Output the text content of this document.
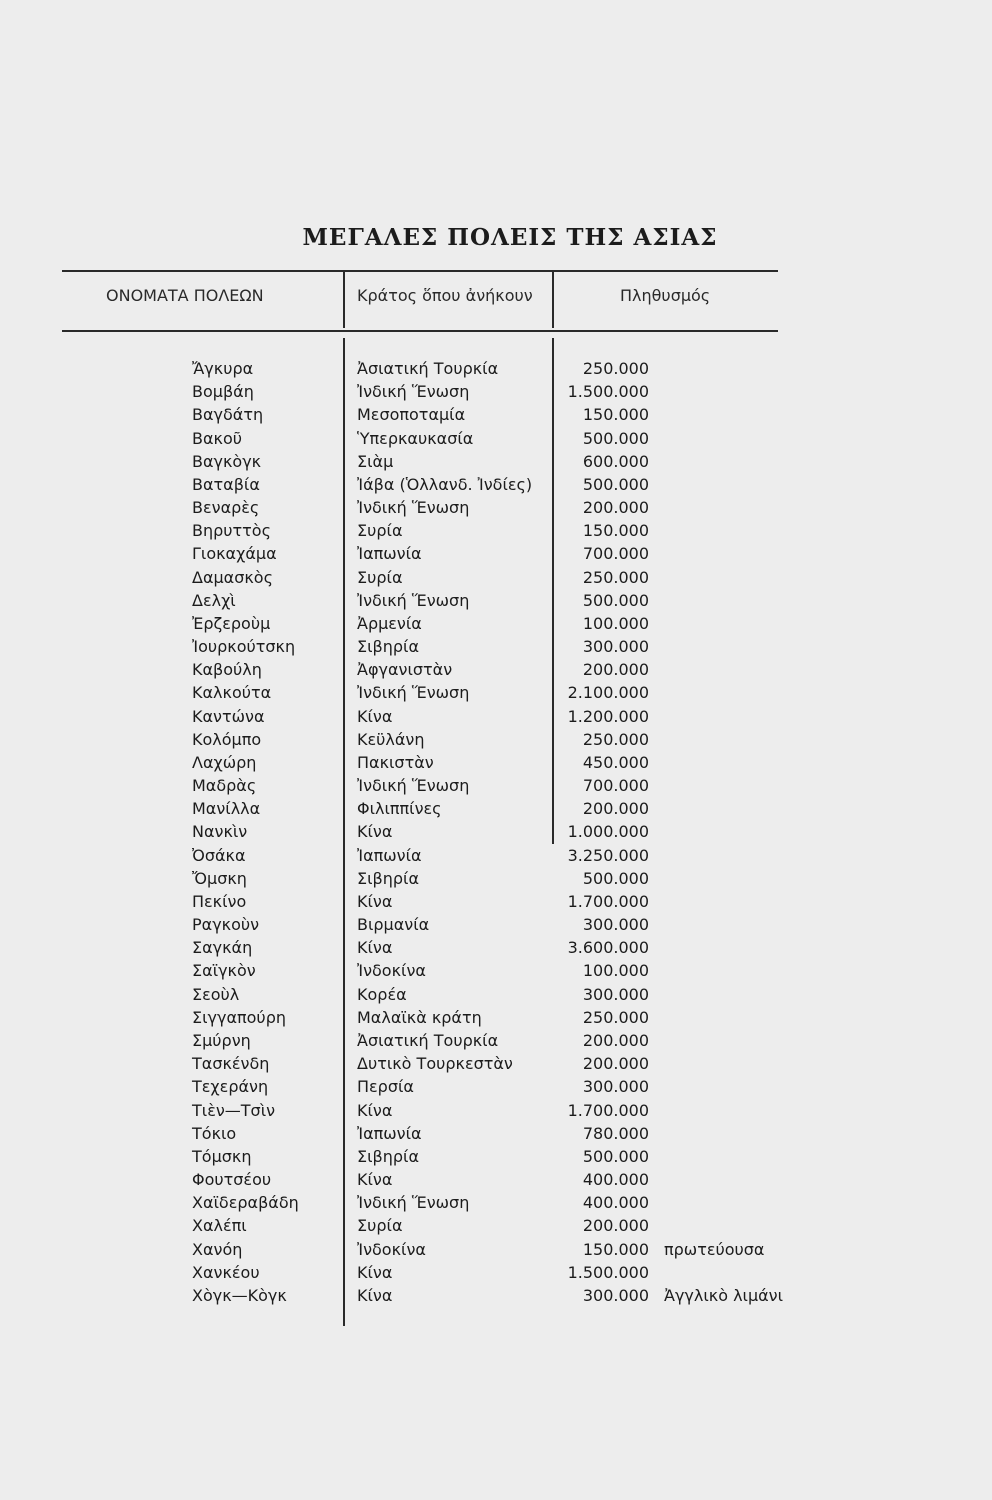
ΜΕΓΑΛΕΣ ΠΟΛΕΙΣ ΤΗΣ ΑΣΙΑΣ
ΟΝΟΜΑΤΑ ΠΟΛΕΩΝ	Κράτος ὅπου ἀνήκουν	Πληθυσμός
Ἄγκυρα	Ἀσιατική Τουρκία	250.000
Βομβάη	Ἰνδική Ἕνωση	1.500.000
Βαγδάτη	Μεσοποταμία	150.000
Βακοῦ	Ὑπερκαυκασία	500.000
Βαγκὸγκ	Σιὰμ	600.000
Βαταβία	Ἰάβα (Ὁλλανδ. Ἰνδίες)	500.000
Βεναρὲς	Ἰνδική Ἕνωση	200.000
Βηρυττὸς	Συρία	150.000
Γιοκαχάμα	Ἰαπωνία	700.000
Δαμασκὸς	Συρία	250.000
Δελχὶ	Ἰνδική Ἕνωση	500.000
Ἐρζεροὺμ	Ἀρμενία	100.000
Ἰουρκούτσκη	Σιβηρία	300.000
Καβούλη	Ἀφγανιστὰν	200.000
Καλκούτα	Ἰνδική Ἕνωση	2.100.000
Καντώνα	Κίνα	1.200.000
Κολόμπο	Κεϋλάνη	250.000
Λαχώρη	Πακιστὰν	450.000
Μαδρὰς	Ἰνδική Ἕνωση	700.000
Μανίλλα	Φιλιππίνες	200.000
Νανκὶν	Κίνα	1.000.000
Ὀσάκα	Ἰαπωνία	3.250.000
Ὄμσκη	Σιβηρία	500.000
Πεκίνο	Κίνα	1.700.000
Ραγκοὺν	Βιρμανία	300.000
Σαγκάη	Κίνα	3.600.000
Σαϊγκὸν	Ἰνδοκίνα	100.000
Σεοὺλ	Κορέα	300.000
Σιγγαπούρη	Μαλαϊκὰ κράτη	250.000
Σμύρνη	Ἀσιατική Τουρκία	200.000
Τασκένδη	Δυτικὸ Τουρκεστὰν	200.000
Τεχεράνη	Περσία	300.000
Τιὲν—Τσὶν	Κίνα	1.700.000
Τόκιο	Ἰαπωνία	780.000
Τόμσκη	Σιβηρία	500.000
Φουτσέου	Κίνα	400.000
Χαϊδεραβάδη	Ἰνδική Ἕνωση	400.000
Χαλέπι	Συρία	200.000
Χανόη	Ἰνδοκίνα	150.000 πρωτεύουσα
Χανκέου	Κίνα	1.500.000
Χὸγκ—Κὸγκ	Κίνα	300.000 Ἀγγλικὸ λιμάνι
